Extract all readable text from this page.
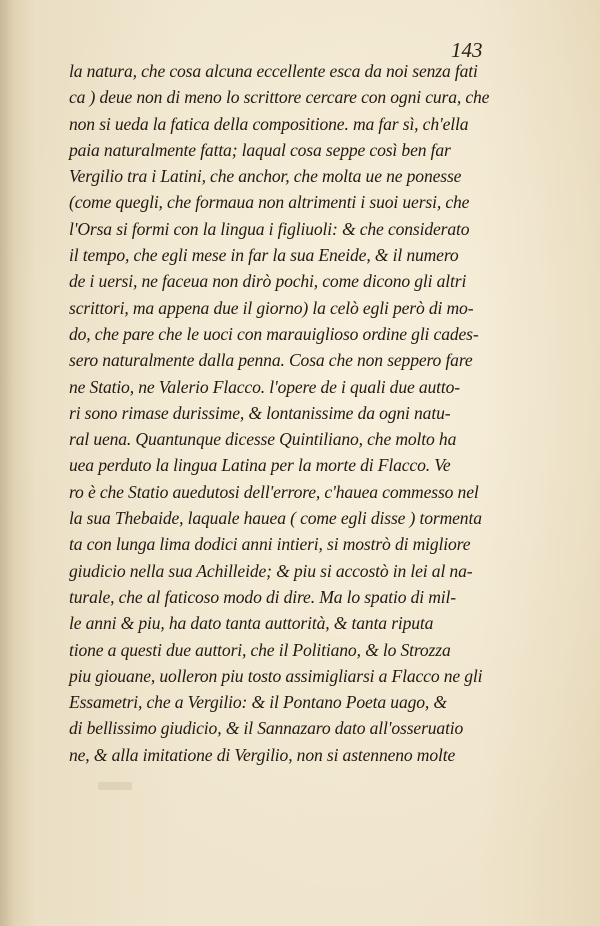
143
la natura, che cosa alcuna eccellente esca da noi senza fati
ca ) deue non di meno lo scrittore cercare con ogni cura, che
non si ueda la fatica della compositione. ma far sì, ch'ella
paia naturalmente fatta; laqual cosa seppe così ben far
Vergilio tra i Latini, che anchor, che molta ue ne ponesse
(come quegli, che formaua non altrimenti i suoi uersi, che
l'Orsa si formi con la lingua i figliuoli: & che considerato
il tempo, che egli mese in far la sua Eneide, & il numero
de i uersi, ne faceua non dirò pochi, come dicono gli altri
scrittori, ma appena due il giorno) la celò egli però di mo-
do, che pare che le uoci con marauiglioso ordine gli cades-
sero naturalmente dalla penna. Cosa che non seppero fare
ne Statio, ne Valerio Flacco. l'opere de i quali due autto-
ri sono rimase durissime, & lontanissime da ogni natu-
ral uena. Quantunque dicesse Quintiliano, che molto ha
uea perduto la lingua Latina per la morte di Flacco. Ve
ro è che Statio auedutosi dell'errore, c'hauea commesso nel
la sua Thebaide, laquale hauea ( come egli disse ) tormenta
ta con lunga lima dodici anni intieri, si mostrò di migliore
giudicio nella sua Achilleide; & piu si accostò in lei al na-
turale, che al faticoso modo di dire. Ma lo spatio di mil-
le anni & piu, ha dato tanta auttorità, & tanta riputa
tione a questi due auttori, che il Politiano, & lo Strozza
piu giouane, uolleron piu tosto assimigliarsi a Flacco ne gli
Essametri, che a Vergilio: & il Pontano Poeta uago, &
di bellissimo giudicio, & il Sannazaro dato all'osseruatio
ne, & alla imitatione di Vergilio, non si astenneno molte
